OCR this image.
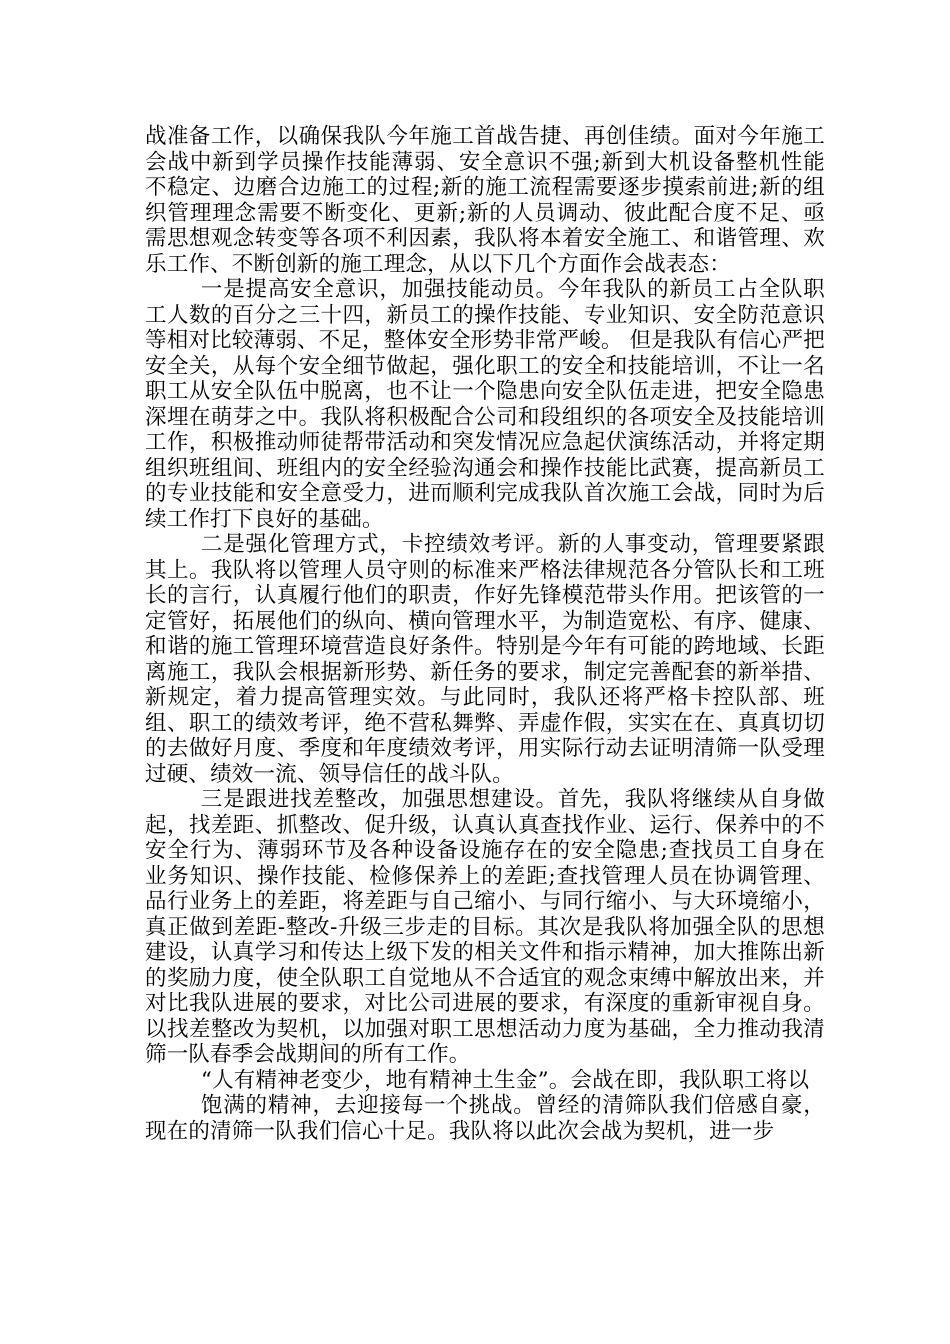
战准备工作，以确保我队今年施工首战告捷、再创佳绩。面对今年施工会战中新到学员操作技能薄弱、安全意识不强;新到大机设备整机性能不稳定、边磨合边施工的过程;新的施工流程需要逐步摸索前进;新的组织管理理念需要不断变化、更新;新的人员调动、彼此配合度不足、亟需思想观念转变等各项不利因素，我队将本着安全施工、和谐管理、欢乐工作、不断创新的施工理念，从以下几个方面作会战表态：

一是提高安全意识，加强技能动员。今年我队的新员工占全队职工人数的百分之三十四，新员工的操作技能、专业知识、安全防范意识等相对比较薄弱、不足，整体安全形势非常严峻。 但是我队有信心严把安全关，从每个安全细节做起，强化职工的安全和技能培训，不让一名职工从安全队伍中脱离，也不让一个隐患向安全队伍走进，把安全隐患深埋在萌芽之中。我队将积极配合公司和段组织的各项安全及技能培训工作，积极推动师徒帮带活动和突发情况应急起伏演练活动，并将定期组织班组间、班组内的安全经验沟通会和操作技能比武赛，提高新员工的专业技能和安全意受力，进而顺利完成我队首次施工会战，同时为后续工作打下良好的基础。

二是强化管理方式，卡控绩效考评。新的人事变动，管理要紧跟其上。我队将以管理人员守则的标准来严格法律规范各分管队长和工班长的言行，认真履行他们的职责，作好先锋模范带头作用。把该管的一定管好，拓展他们的纵向、横向管理水平，为制造宽松、有序、健康、和谐的施工管理环境营造良好条件。特别是今年有可能的跨地域、长距离施工，我队会根据新形势、新任务的要求，制定完善配套的新举措、新规定，着力提高管理实效。与此同时，我队还将严格卡控队部、班组、职工的绩效考评，绝不营私舞弊、弄虚作假，实实在在、真真切切的去做好月度、季度和年度绩效考评，用实际行动去证明清筛一队受理过硬、绩效一流、领导信任的战斗队。

三是跟进找差整改，加强思想建设。首先，我队将继续从自身做起，找差距、抓整改、促升级，认真认真查找作业、运行、保养中的不安全行为、薄弱环节及各种设备设施存在的安全隐患;查找员工自身在业务知识、操作技能、检修保养上的差距;查找管理人员在协调管理、品行业务上的差距，将差距与自己缩小、与同行缩小、与大环境缩小，真正做到差距-整改-升级三步走的目标。其次是我队将加强全队的思想建设，认真学习和传达上级下发的相关文件和指示精神，加大推陈出新的奖励力度，使全队职工自觉地从不合适宜的观念束缚中解放出来，并对比我队进展的要求，对比公司进展的要求，有深度的重新审视自身。以找差整改为契机，以加强对职工思想活动力度为基础，全力推动我清筛一队春季会战期间的所有工作。

“人有精神老变少，地有精神土生金”。会战在即，我队职工将以

饱满的精神，去迎接每一个挑战。曾经的清筛队我们倍感自豪，现在的清筛一队我们信心十足。我队将以此次会战为契机，进一步
